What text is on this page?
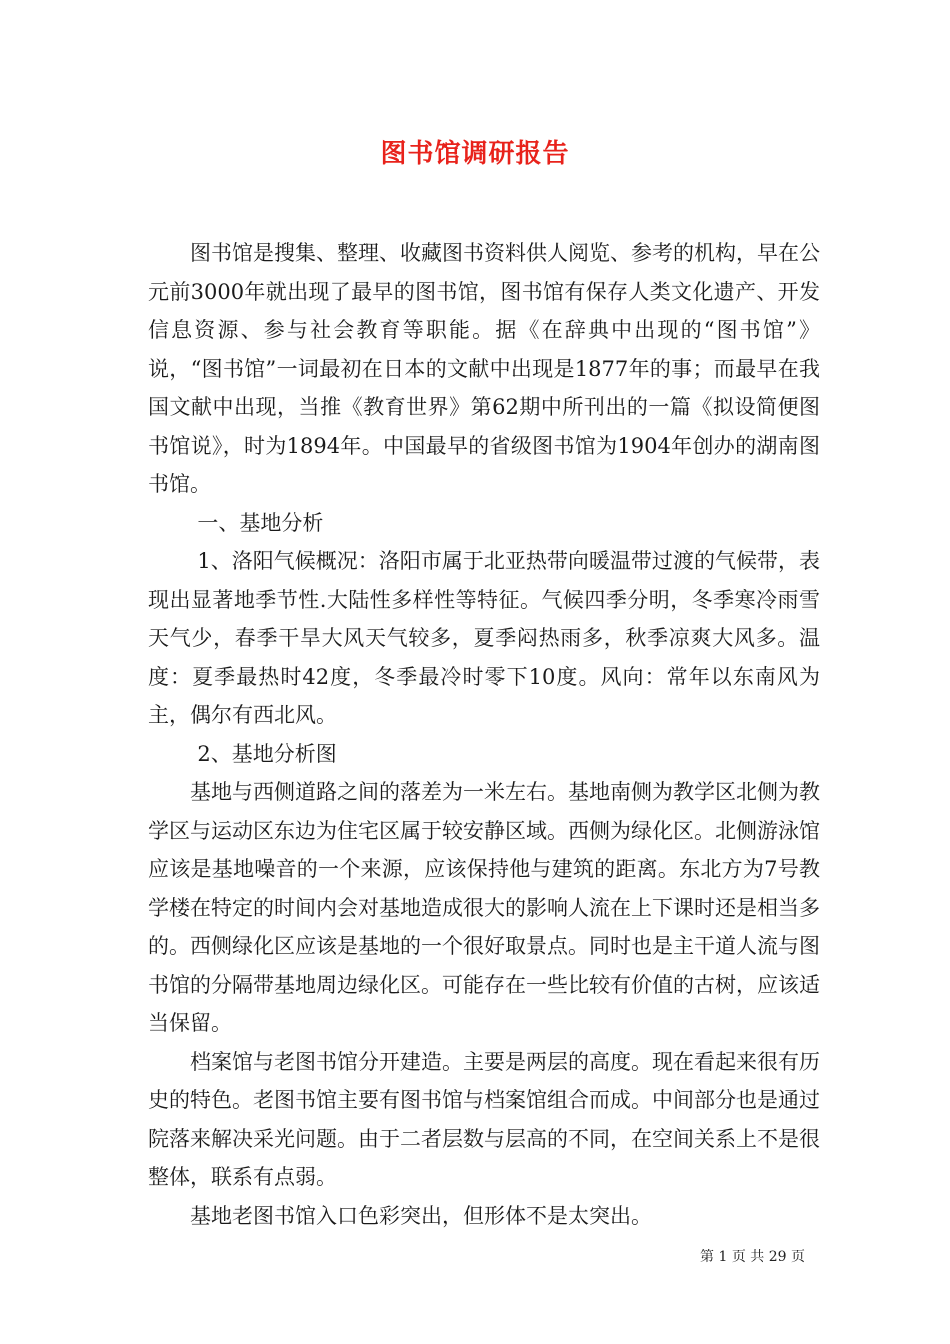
图书馆调研报告

图书馆是搜集、整理、收藏图书资料供人阅览、参考的机构，早在公元前3000年就出现了最早的图书馆，图书馆有保存人类文化遗产、开发信息资源、参与社会教育等职能。据《在辞典中出现的“图书馆”》说，“图书馆”一词最初在日本的文献中出现是1877年的事；而最早在我国文献中出现，当推《教育世界》第62期中所刊出的一篇《拟设简便图书馆说》，时为1894年。中国最早的省级图书馆为1904年创办的湖南图书馆。

一、基地分析

1、洛阳气候概况：洛阳市属于北亚热带向暖温带过渡的气候带，表现出显著地季节性.大陆性多样性等特征。气候四季分明，冬季寒冷雨雪天气少，春季干旱大风天气较多，夏季闷热雨多，秋季凉爽大风多。温度：夏季最热时42度，冬季最冷时零下10度。风向：常年以东南风为主，偶尔有西北风。

2、基地分析图

基地与西侧道路之间的落差为一米左右。基地南侧为教学区北侧为教学区与运动区东边为住宅区属于较安静区域。西侧为绿化区。北侧游泳馆应该是基地噪音的一个来源，应该保持他与建筑的距离。东北方为7号教学楼在特定的时间内会对基地造成很大的影响人流在上下课时还是相当多的。西侧绿化区应该是基地的一个很好取景点。同时也是主干道人流与图书馆的分隔带基地周边绿化区。可能存在一些比较有价值的古树，应该适当保留。

档案馆与老图书馆分开建造。主要是两层的高度。现在看起来很有历史的特色。老图书馆主要有图书馆与档案馆组合而成。中间部分也是通过院落来解决采光问题。由于二者层数与层高的不同，在空间关系上不是很整体，联系有点弱。

基地老图书馆入口色彩突出，但形体不是太突出。

第 1 页 共 29 页
